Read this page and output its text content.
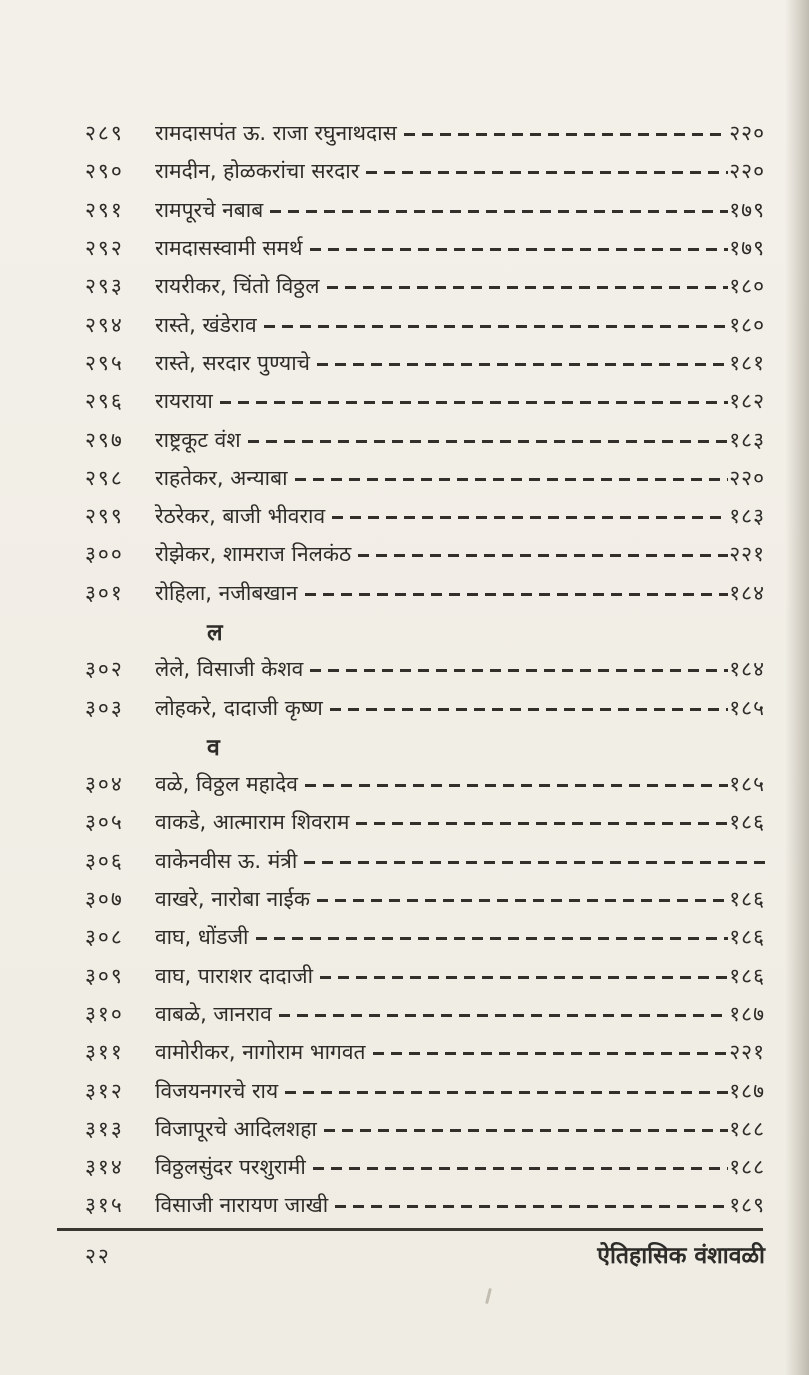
२८९	रामदासपंत ऊ. राजा रघुनाथदास	२२०
२९०	रामदीन, होळकरांचा सरदार	२२०
२९१	रामपूरचे नबाब	१७९
२९२	रामदासस्वामी समर्थ	१७९
२९३	रायरीकर, चिंतो विठ्ठल	१८०
२९४	रास्ते, खंडेराव	१८०
२९५	रास्ते, सरदार पुण्याचे	१८१
२९६	रायराया	१८२
२९७	राष्ट्रकूट वंश	१८३
२९८	राहतेकर, अन्याबा	२२०
२९९	रेठरेकर, बाजी भीवराव	१८३
३००	रोझेकर, शामराज निलकंठ	२२१
३०१	रोहिला, नजीबखान	१८४
ल
३०२	लेले, विसाजी केशव	१८४
३०३	लोहकरे, दादाजी कृष्ण	१८५
व
३०४	वळे, विठ्ठल महादेव	१८५
३०५	वाकडे, आत्माराम शिवराम	१८६
३०६	वाकेनवीस ऊ. मंत्री
३०७	वाखरे, नारोबा नाईक	१८६
३०८	वाघ, धोंडजी	१८६
३०९	वाघ, पाराशर दादाजी	१८६
३१०	वाबळे, जानराव	१८७
३११	वामोरीकर, नागोराम भागवत	२२१
३१२	विजयनगरचे राय	१८७
३१३	विजापूरचे आदिलशहा	१८८
३१४	विठ्ठलसुंदर परशुरामी	१८८
३१५	विसाजी नारायण जाखी	१८९
२२	ऐतिहासिक वंशावळी
